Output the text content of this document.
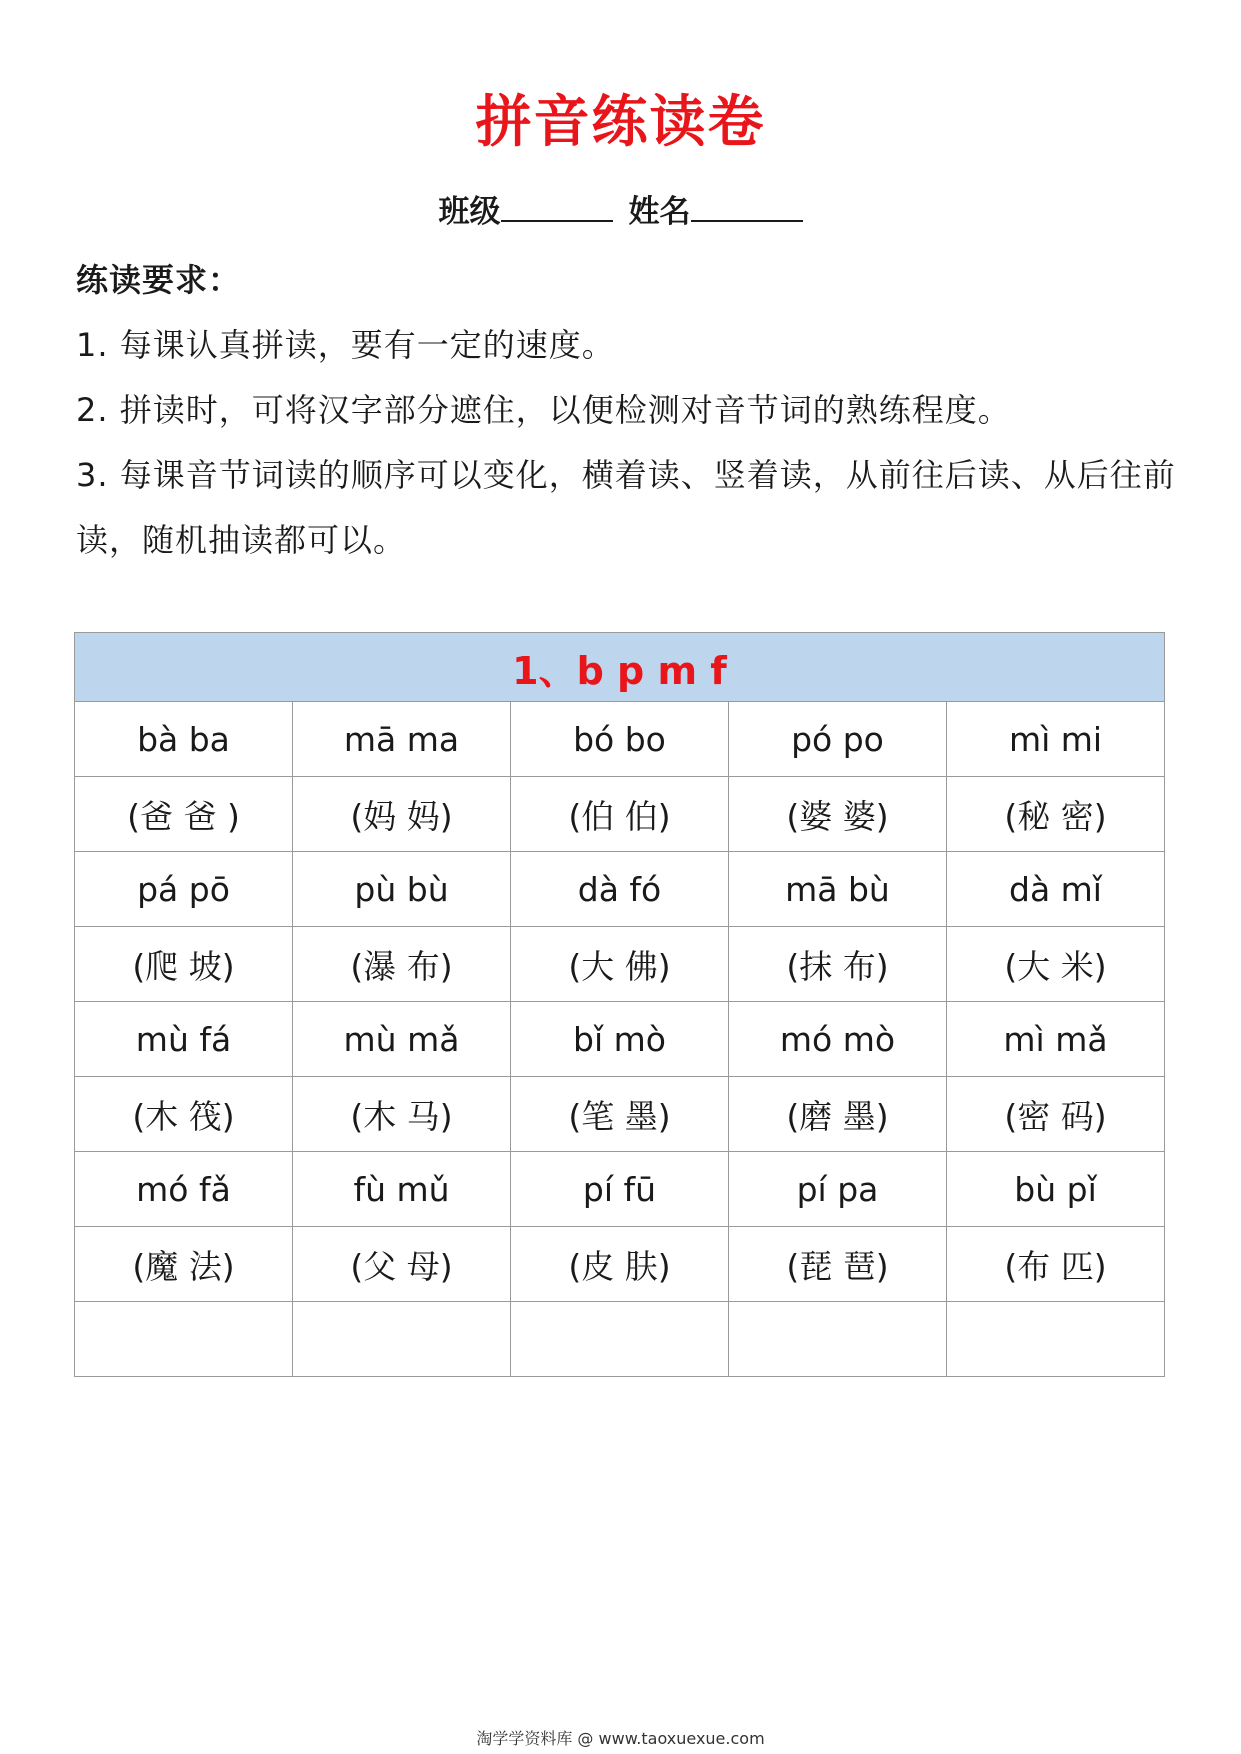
拼音练读卷
班级	姓名
练读要求：

1. 每课认真拼读，要有一定的速度。

2. 拼读时，可将汉字部分遮住，以便检测对音节词的熟练程度。

3. 每课音节词读的顺序可以变化，横着读、竖着读，从前往后读、从后往前读，随机抽读都可以。

1、b p m f				
bà ba	mā ma	bó bo	pó po	mì mi
(爸 爸 )	(妈 妈)	(伯 伯)	(婆 婆)	(秘 密)
pá pō	pù bù	dà fó	mā bù	dà mǐ
(爬 坡)	(瀑 布)	(大 佛)	(抹 布)	(大 米)
mù fá	mù mǎ	bǐ mò	mó mò	mì mǎ
(木 筏)	(木 马)	(笔 墨)	(磨 墨)	(密 码)
mó fǎ	fù mǔ	pí fū	pí pa	bù pǐ
(魔 法)	(父 母)	(皮 肤)	(琵 琶)	(布 匹)

淘学学资料库 @ www.taoxuexue.com
